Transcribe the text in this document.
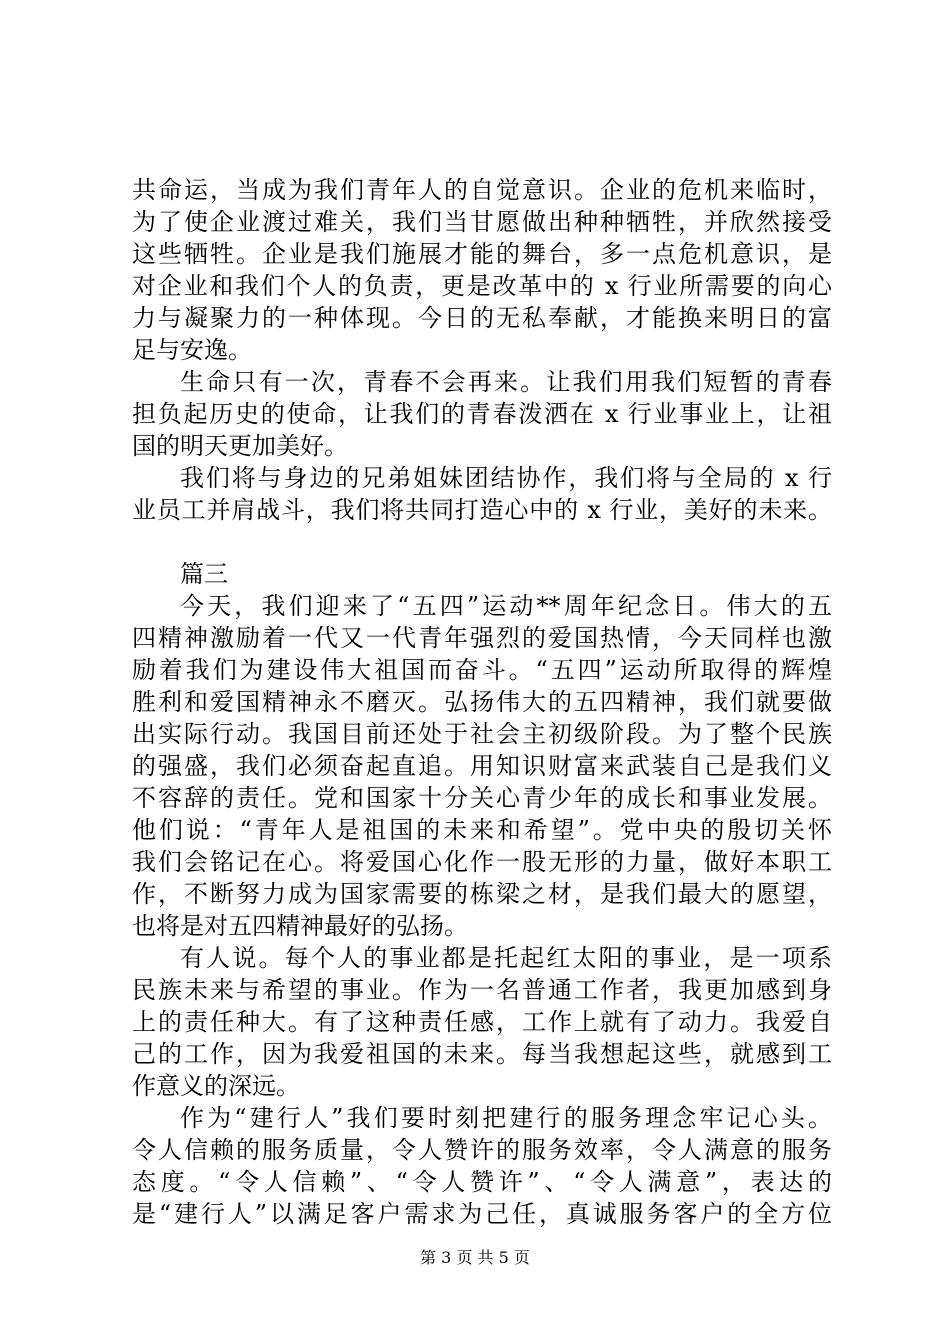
共命运，当成为我们青年人的自觉意识。企业的危机来临时，
为了使企业渡过难关，我们当甘愿做出种种牺牲，并欣然接受
这些牺牲。企业是我们施展才能的舞台，多一点危机意识，是
对企业和我们个人的负责，更是改革中的 x 行业所需要的向心
力与凝聚力的一种体现。今日的无私奉献，才能换来明日的富
足与安逸。
生命只有一次，青春不会再来。让我们用我们短暂的青春
担负起历史的使命，让我们的青春泼洒在 x 行业事业上，让祖
国的明天更加美好。
我们将与身边的兄弟姐妹团结协作，我们将与全局的 x 行
业员工并肩战斗，我们将共同打造心中的 x 行业，美好的未来。
篇三
今天，我们迎来了“五四”运动**周年纪念日。伟大的五
四精神激励着一代又一代青年强烈的爱国热情，今天同样也激
励着我们为建设伟大祖国而奋斗。“五四”运动所取得的辉煌
胜利和爱国精神永不磨灭。弘扬伟大的五四精神，我们就要做
出实际行动。我国目前还处于社会主初级阶段。为了整个民族
的强盛，我们必须奋起直追。用知识财富来武装自己是我们义
不容辞的责任。党和国家十分关心青少年的成长和事业发展。
他们说：“青年人是祖国的未来和希望”。党中央的殷切关怀
我们会铭记在心。将爱国心化作一股无形的力量，做好本职工
作，不断努力成为国家需要的栋梁之材，是我们最大的愿望，
也将是对五四精神最好的弘扬。
有人说。每个人的事业都是托起红太阳的事业，是一项系
民族未来与希望的事业。作为一名普通工作者，我更加感到身
上的责任种大。有了这种责任感，工作上就有了动力。我爱自
己的工作，因为我爱祖国的未来。每当我想起这些，就感到工
作意义的深远。
作为“建行人”我们要时刻把建行的服务理念牢记心头。
令人信赖的服务质量，令人赞许的服务效率，令人满意的服务
态度。“令人信赖”、“令人赞许”、“令人满意”，表达的
是“建行人”以满足客户需求为己任，真诚服务客户的全方位
第 3 页 共 5 页
